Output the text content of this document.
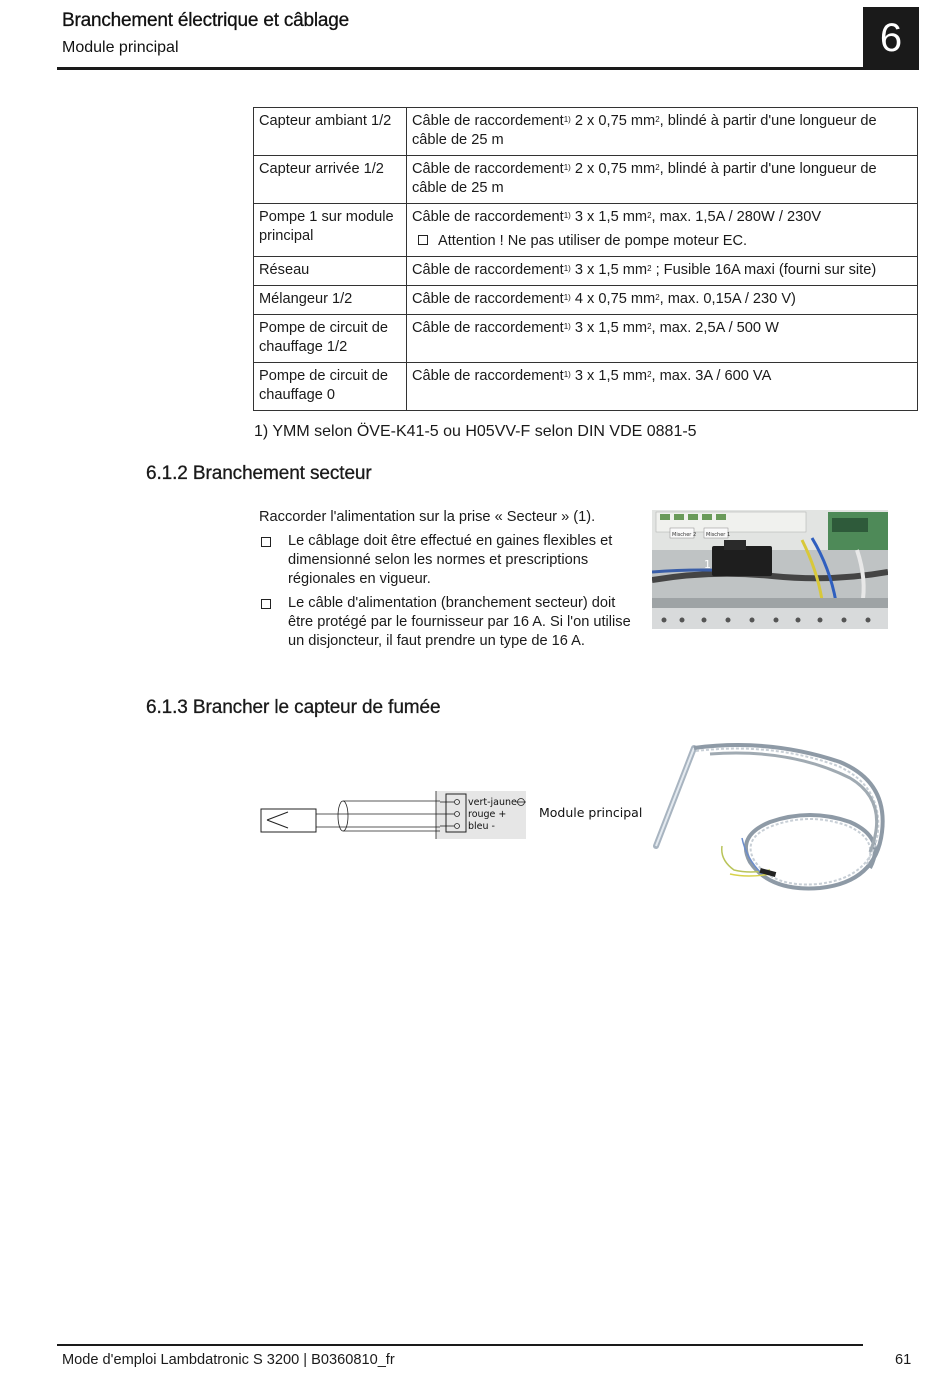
Branchement électrique et câblage
Module principal	6
Capteur ambiant 1/2	Câble de raccordement$^{1)}$ 2 x 0,75 $mm^2$, blindé à partir d'une longueur de câble de 25 m
Capteur arrivée 1/2	Câble de raccordement$^{1)}$ 2 x 0,75 $mm^2$, blindé à partir d'une longueur de câble de 25 m
Pompe 1 sur module principal	Câble de raccordement$^{1)}$ 3 x 1,5 $mm^2$, max. 1,5A / 280W / 230V
Attention ! Ne pas utiliser de pompe moteur EC.

Réseau	Câble de raccordement$^{1)}$ 3 x 1,5 $mm^2$ ; Fusible 16A maxi (fourni sur site)
Mélangeur 1/2	Câble de raccordement$^{1)}$ 4 x 0,75 $mm^2$, max. 0,15A / 230 V)
Pompe de circuit de chauffage 1/2	Câble de raccordement$^{1)}$ 3 x 1,5 $mm^2$, max. 2,5A / 500 W
Pompe de circuit de chauffage 0	Câble de raccordement$^{1)}$ 3 x 1,5 $mm^2$, max. 3A / 600 VA
1) YMM selon ÖVE-K41-5 ou H05VV-F selon DIN VDE 0881-5
6.1.2 Branchement secteur
Raccorder l'alimentation sur la prise « Secteur » (1).
Le câblage doit être effectué en gaines flexibles et dimensionné selon les normes et prescriptions régionales en vigueur.
Le câble d'alimentation (branchement secteur) doit être protégé par le fournisseur par 16 A. Si l'on utilise un disjoncteur, il faut prendre un type de 16 A.
Mischer 2 Mischer 1
1
6.1.3 Brancher le capteur de fumée
vert-jaune
rouge +
bleu -
Module principal
Mode d'emploi Lambdatronic S 3200 | B0360810_fr	61
